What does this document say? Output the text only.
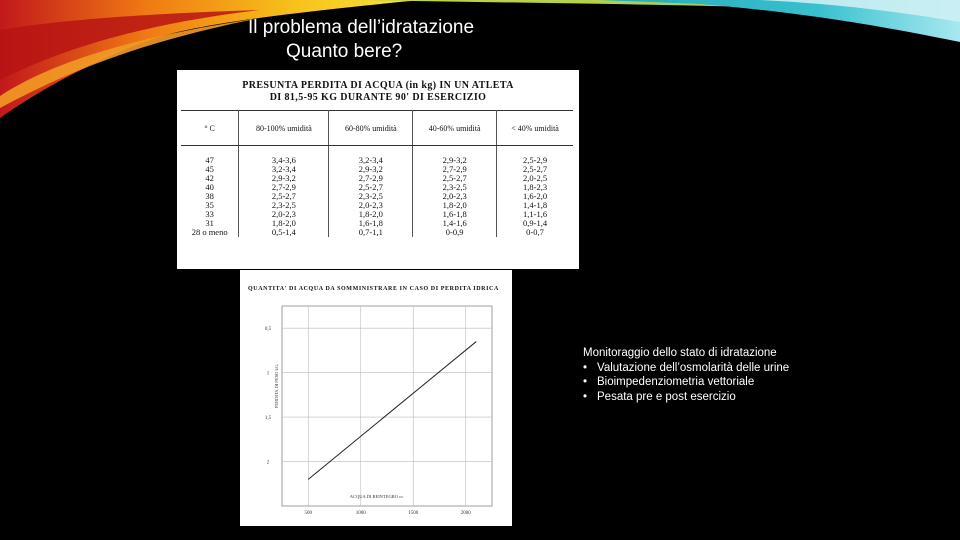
Il problema dell’idratazione
Quanto bere?
PRESUNTA PERDITA DI ACQUA (in kg) IN UN ATLETA
DI 81,5-95 KG DURANTE 90' DI ESERCIZIO
° C	80-100% umidità	60-80% umidità	40-60% umidità	< 40% umidità

47	3,4-3,6	3,2-3,4	2,9-3,2	2,5-2,9
45	3,2-3,4	2,9-3,2	2,7-2,9	2,5-2,7
42	2,9-3,2	2,7-2,9	2,5-2,7	2,0-2,5
40	2,7-2,9	2,5-2,7	2,3-2,5	1,8-2,3
38	2,5-2,7	2,3-2,5	2,0-2,3	1,6-2,0
35	2,3-2,5	2,0-2,3	1,8-2,0	1,4-1,8
33	2,0-2,3	1,8-2,0	1,6-1,8	1,1-1,6
31	1,8-2,0	1,6-1,8	1,4-1,6	0,9-1,4
28 o meno	0,5-1,4	0,7-1,1	0-0,9	0-0,7
QUANTITA' DI ACQUA DA SOMMINISTRARE IN CASO DI PERDITA IDRICA
500	1000	1500	2000
2
1,5
1
0,5
PERDITA DI PESO kG.
ACQUA DI REINTEGRO cc.
Monitoraggio dello stato di idratazione
• Valutazione dell’osmolarità delle urine
• Bioimpedenziometria vettoriale
• Pesata pre e post esercizio
